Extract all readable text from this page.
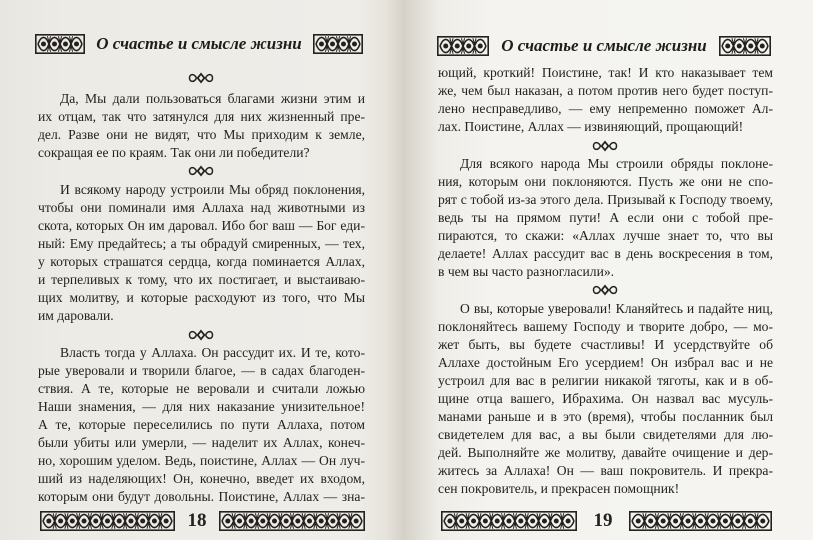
О счастье и смысле жизни
Да, Мы дали пользоваться благами жизни этим и
их отцам, так что затянулся для них жизненный пре-
дел. Разве они не видят, что Мы приходим к земле,
сокращая ее по краям. Так они ли победители?
И всякому народу устроили Мы обряд поклонения,
чтобы они поминали имя Аллаха над животными из
скота, которых Он им даровал. Ибо бог ваш — Бог еди-
ный: Ему предайтесь; а ты обрадуй смиренных, — тех,
у которых страшатся сердца, когда поминается Аллах,
и терпеливых к тому, что их постигает, и выстаиваю-
щих молитву, и которые расходуют из того, что Мы
им даровали.
Власть тогда у Аллаха. Он рассудит их. И те, кото-
рые уверовали и творили благое, — в садах благоден-
ствия. А те, которые не веровали и считали ложью
Наши знамения, — для них наказание унизительное!
А те, которые переселились по пути Аллаха, потом
были убиты или умерли, — наделит их Аллах, конеч-
но, хорошим уделом. Ведь, поистине, Аллах — Он луч-
ший из наделяющих! Он, конечно, введет их входом,
которым они будут довольны. Поистине, Аллах — зна-
18
О счастье и смысле жизни
ющий, кроткий! Поистине, так! И кто наказывает тем
же, чем был наказан, а потом против него будет поступ-
лено несправедливо, — ему непременно поможет Ал-
лах. Поистине, Аллах — извиняющий, прощающий!
Для всякого народа Мы строили обряды поклоне-
ния, которым они поклоняются. Пусть же они не спо-
рят с тобой из-за этого дела. Призывай к Господу твоему,
ведь ты на прямом пути! А если они с тобой пре-
пираются, то скажи: «Аллах лучше знает то, что вы
делаете! Аллах рассудит вас в день воскресения в том,
в чем вы часто разногласили».
О вы, которые уверовали! Кланяйтесь и падайте ниц,
поклоняйтесь вашему Господу и творите добро, — мо-
жет быть, вы будете счастливы! И усердствуйте об
Аллахе достойным Его усердием! Он избрал вас и не
устроил для вас в религии никакой тяготы, как и в об-
щине отца вашего, Ибрахима. Он назвал вас мусуль-
манами раньше и в это (время), чтобы посланник был
свидетелем для вас, а вы были свидетелями для лю-
дей. Выполняйте же молитву, давайте очищение и дер-
житесь за Аллаха! Он — ваш покровитель. И прекра-
сен покровитель, и прекрасен помощник!
19
